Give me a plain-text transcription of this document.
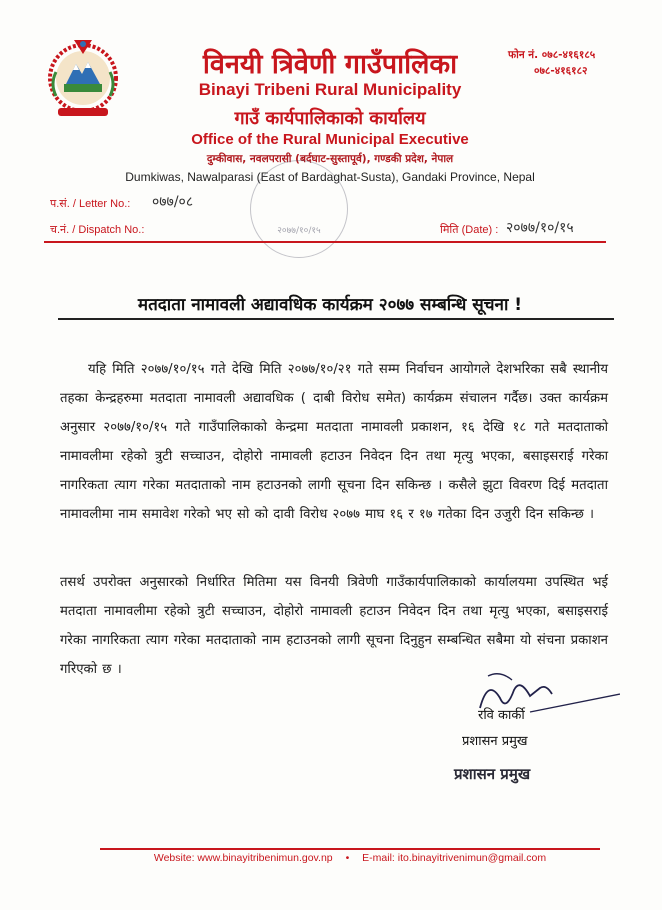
विनयी त्रिवेणी गाउँपालिका
Binayi Tribeni Rural Municipality
गाउँ कार्यपालिकाको कार्यालय
Office of the Rural Municipal Executive
दुम्कीवास, नवलपरासी (बर्दघाट-सुस्तापूर्व), गण्डकी प्रदेश, नेपाल
Dumkiwas, Nawalparasi (East of Bardaghat-Susta), Gandaki Province, Nepal
फोन नं. ०७८-४१६१८५
०७८-४१६१८२
२०७७/१०/१५
प.सं. / Letter No.: ०७७/०८
च.नं. / Dispatch No.:	मिति (Date) : २०७७/१०/१५
मतदाता नामावली अद्यावधिक कार्यक्रम २०७७ सम्बन्धि सूचना !
यहि मिति २०७७/१०/१५ गते देखि मिति २०७७/१०/२१ गते सम्म निर्वाचन आयोगले देशभरिका सबै स्थानीय तहका केन्द्रहरुमा मतदाता नामावली अद्यावधिक ( दाबी विरोध समेत) कार्यक्रम संचालन गर्दैछ। उक्त कार्यक्रम अनुसार २०७७/१०/१५ गते गाउँपालिकाको केन्द्रमा मतदाता नामावली प्रकाशन, १६ देखि १८ गते मतदाताको नामावलीमा रहेको त्रुटी सच्चाउन, दोहोरो नामावली हटाउन निवेदन दिन तथा मृत्यु भएका, बसाइसराई गरेका नागरिकता त्याग गरेका मतदाताको नाम हटाउनको लागी सूचना दिन सकिन्छ । कसैले झुटा विवरण दिई मतदाता नामावलीमा नाम समावेश गरेको भए सो को दावी विरोध २०७७ माघ १६ र १७ गतेका दिन उजुरी दिन सकिन्छ ।
तसर्थ उपरोक्त अनुसारको निर्धारित मितिमा यस विनयी त्रिवेणी गाउँकार्यपालिकाको कार्यालयमा उपस्थित भई मतदाता नामावलीमा रहेको त्रुटी सच्चाउन, दोहोरो नामावली हटाउन निवेदन दिन तथा मृत्यु भएका, बसाइसराई गरेका नागरिकता त्याग गरेका मतदाताको नाम हटाउनको लागी सूचना दिनुहुन सम्बन्धित सबैमा यो संचना प्रकाशन गरिएको छ ।
रवि कार्की
प्रशासन प्रमुख
प्रशासन प्रमुख
Website: www.binayitribenimun.gov.np • E-mail: ito.binayitrivenimun@gmail.com
